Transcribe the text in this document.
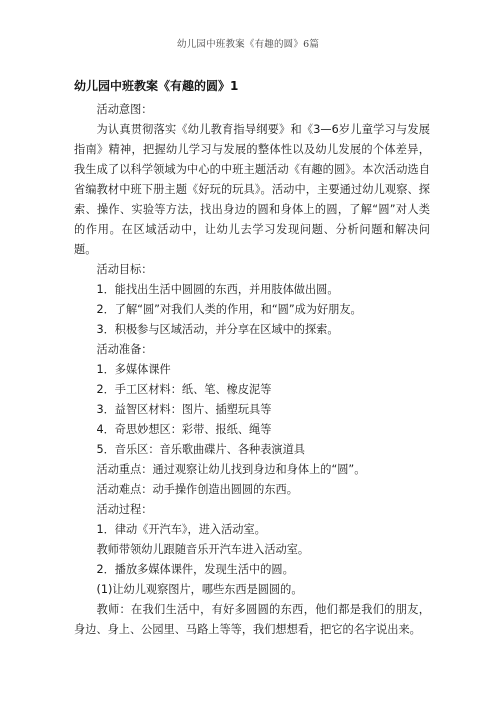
幼儿园中班教案《有趣的圆》6篇
幼儿园中班教案《有趣的圆》1

活动意图：

为认真贯彻落实《幼儿教育指导纲要》和《3—6岁儿童学习与发展指南》精神，把握幼儿学习与发展的整体性以及幼儿发展的个体差异，我生成了以科学领域为中心的中班主题活动《有趣的圆》。本次活动选自省编教材中班下册主题《好玩的玩具》。活动中，主要通过幼儿观察、探索、操作、实验等方法，找出身边的圆和身体上的圆，了解“圆”对人类的作用。在区域活动中，让幼儿去学习发现问题、分析问题和解决问题。

活动目标：

1．能找出生活中圆圆的东西，并用肢体做出圆。

2．了解“圆”对我们人类的作用，和“圆”成为好朋友。

3．积极参与区域活动，并分享在区域中的探索。

活动准备：

1．多媒体课件

2．手工区材料：纸、笔、橡皮泥等

3．益智区材料：图片、插塑玩具等

4．奇思妙想区：彩带、报纸、绳等

5．音乐区：音乐歌曲碟片、各种表演道具

活动重点：通过观察让幼儿找到身边和身体上的“圆”。

活动难点：动手操作创造出圆圆的东西。

活动过程：

1．律动《开汽车》，进入活动室。

教师带领幼儿跟随音乐开汽车进入活动室。

2．播放多媒体课件，发现生活中的圆。

(1)让幼儿观察图片，哪些东西是圆圆的。

教师：在我们生活中，有好多圆圆的东西，他们都是我们的朋友，身边、身上、公园里、马路上等等，我们想想看，把它的名字说出来。
